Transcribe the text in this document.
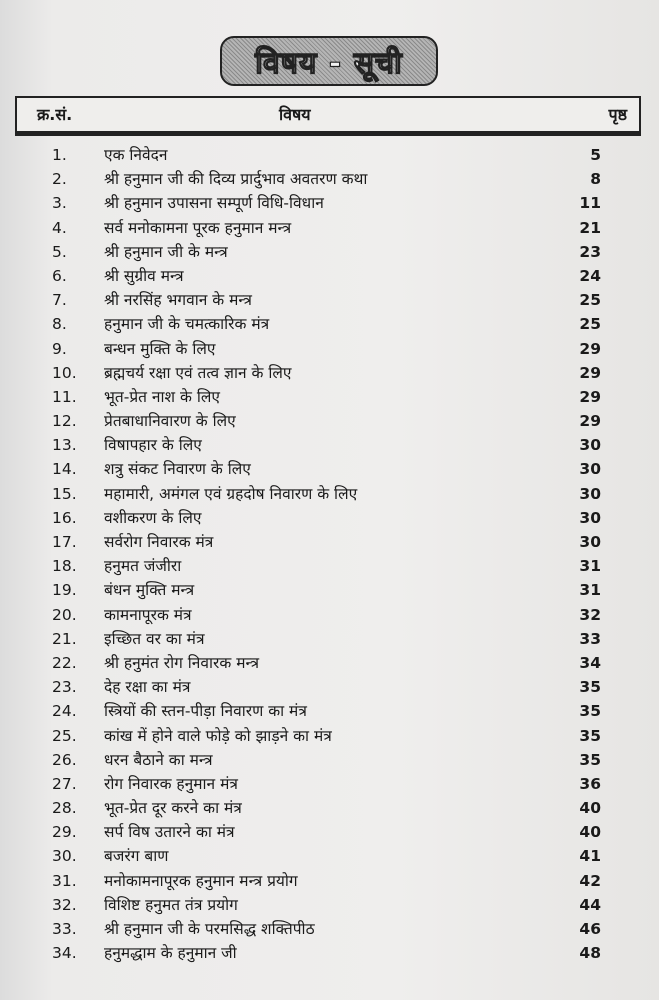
विषय - सूची
क्र.सं.	विषय	पृष्ठ
1. एक निवेदन	5
2. श्री हनुमान जी की दिव्य प्रार्दुभाव अवतरण कथा	8
3. श्री हनुमान उपासना सम्पूर्ण विधि-विधान	11
4. सर्व मनोकामना पूरक हनुमान मन्त्र	21
5. श्री हनुमान जी के मन्त्र	23
6. श्री सुग्रीव मन्त्र	24
7. श्री नरसिंह भगवान के मन्त्र	25
8. हनुमान जी के चमत्कारिक मंत्र	25
9. बन्धन मुक्ति के लिए	29
10. ब्रह्मचर्य रक्षा एवं तत्व ज्ञान के लिए	29
11. भूत-प्रेत नाश के लिए	29
12. प्रेतबाधानिवारण के लिए	29
13. विषापहार के लिए	30
14. शत्रु संकट निवारण के लिए	30
15. महामारी, अमंगल एवं ग्रहदोष निवारण के लिए	30
16. वशीकरण के लिए	30
17. सर्वरोग निवारक मंत्र	30
18. हनुमत जंजीरा	31
19. बंधन मुक्ति मन्त्र	31
20. कामनापूरक मंत्र	32
21. इच्छित वर का मंत्र	33
22. श्री हनुमंत रोग निवारक मन्त्र	34
23. देह रक्षा का मंत्र	35
24. स्त्रियों की स्तन-पीड़ा निवारण का मंत्र	35
25. कांख में होने वाले फोड़े को झाड़ने का मंत्र	35
26. धरन बैठाने का मन्त्र	35
27. रोग निवारक हनुमान मंत्र	36
28. भूत-प्रेत दूर करने का मंत्र	40
29. सर्प विष उतारने का मंत्र	40
30. बजरंग बाण	41
31. मनोकामनापूरक हनुमान मन्त्र प्रयोग	42
32. विशिष्ट हनुमत तंत्र प्रयोग	44
33. श्री हनुमान जी के परमसिद्ध शक्तिपीठ	46
34. हनुमद्धाम के हनुमान जी	48
